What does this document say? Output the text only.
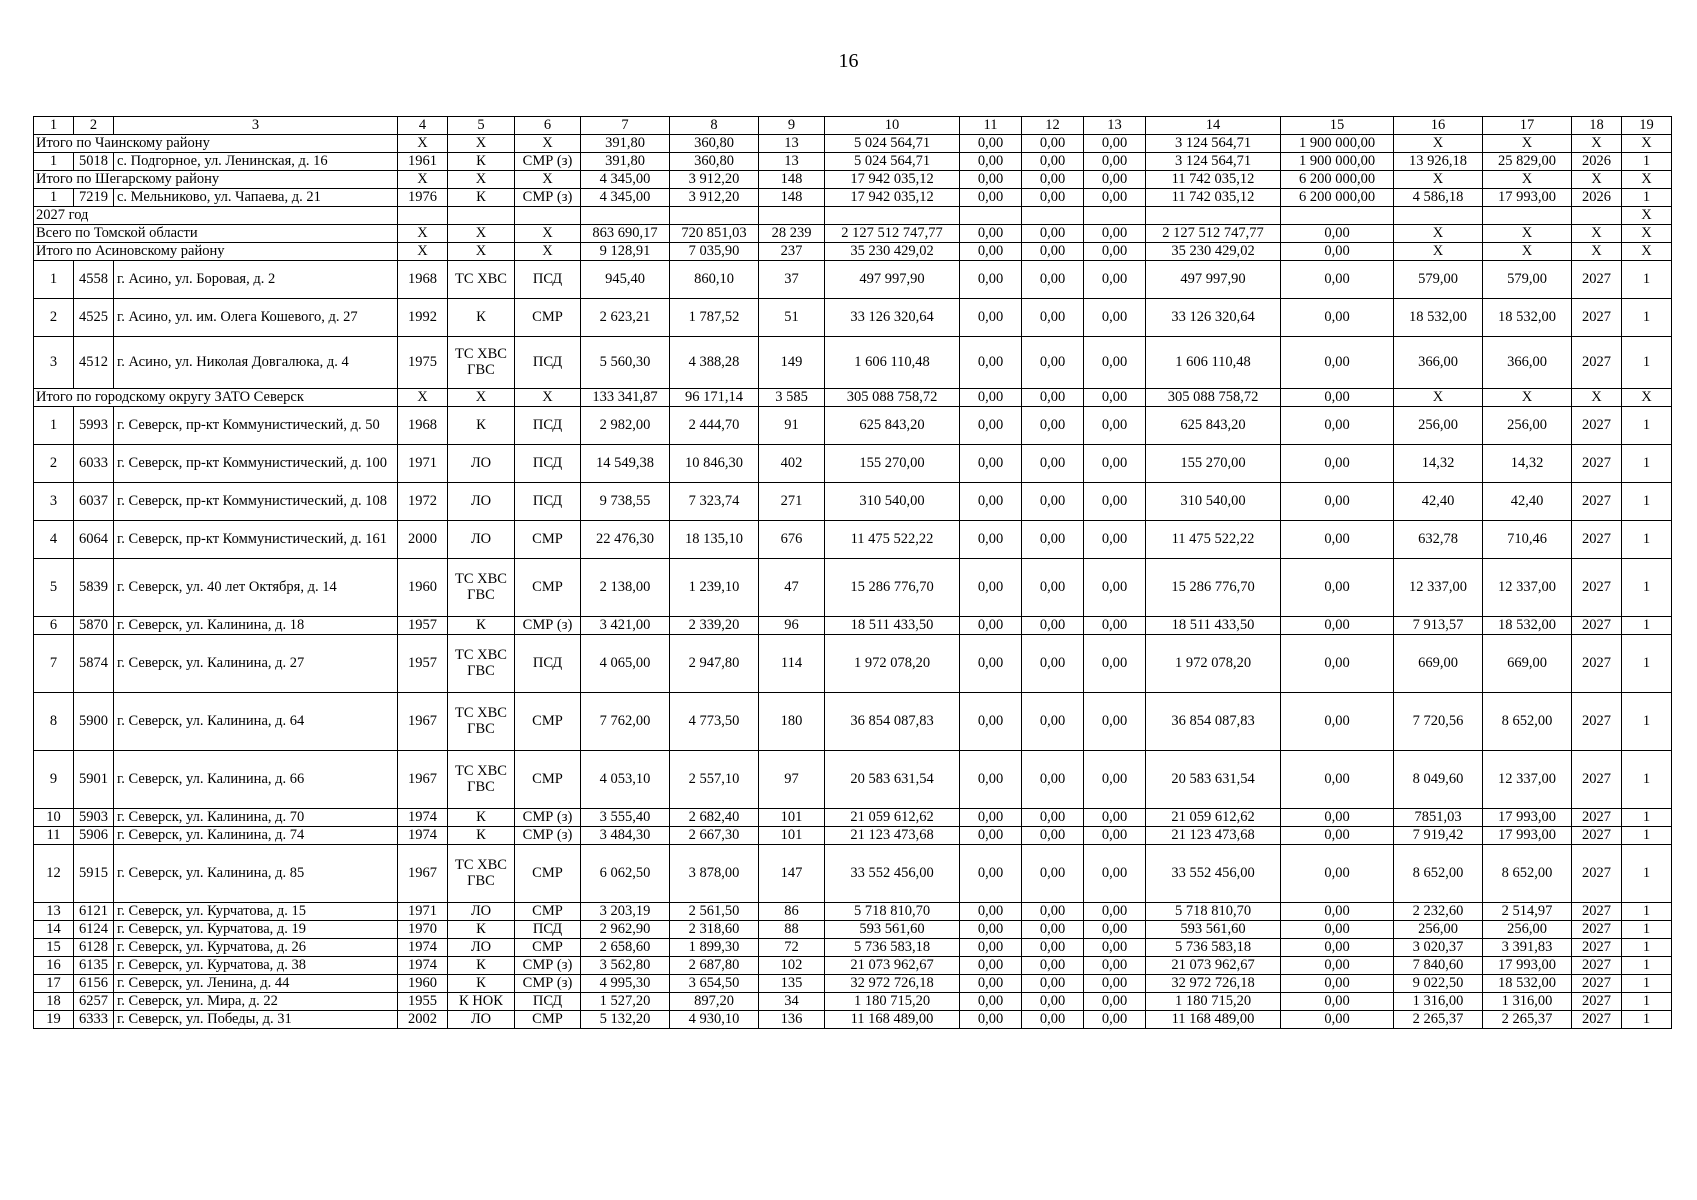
16
1	2	3	4	5	6	7	8	9	10	11	12	13	14	15	16	17	18	19
Итого по Чаинскому району			X	X	X	391,80	360,80	13	5 024 564,71	0,00	0,00	0,00	3 124 564,71	1 900 000,00	X	X	X	X
1	5018	с. Подгорное, ул. Ленинская, д. 16	1961	К	СМР (з)	391,80	360,80	13	5 024 564,71	0,00	0,00	0,00	3 124 564,71	1 900 000,00	13 926,18	25 829,00	2026	1
Итого по Шегарскому району			X	X	X	4 345,00	3 912,20	148	17 942 035,12	0,00	0,00	0,00	11 742 035,12	6 200 000,00	X	X	X	X
1	7219	с. Мельниково, ул. Чапаева, д. 21	1976	К	СМР (з)	4 345,00	3 912,20	148	17 942 035,12	0,00	0,00	0,00	11 742 035,12	6 200 000,00	4 586,18	17 993,00	2026	1
2027 год																		X
Всего по Томской области			X	X	X	863 690,17	720 851,03	28 239	2 127 512 747,77	0,00	0,00	0,00	2 127 512 747,77	0,00	X	X	X	X
Итого по Асиновскому району			X	X	X	9 128,91	7 035,90	237	35 230 429,02	0,00	0,00	0,00	35 230 429,02	0,00	X	X	X	X
1	4558	г. Асино, ул. Боровая, д. 2	1968	ТС ХВС	ПСД	945,40	860,10	37	497 997,90	0,00	0,00	0,00	497 997,90	0,00	579,00	579,00	2027	1
2	4525	г. Асино, ул. им. Олега Кошевого, д. 27	1992	К	СМР	2 623,21	1 787,52	51	33 126 320,64	0,00	0,00	0,00	33 126 320,64	0,00	18 532,00	18 532,00	2027	1
3	4512	г. Асино, ул. Николая Довгалюка, д. 4	1975	ТС ХВС ГВС	ПСД	5 560,30	4 388,28	149	1 606 110,48	0,00	0,00	0,00	1 606 110,48	0,00	366,00	366,00	2027	1
Итого по городскому округу ЗАТО Северск			X	X	X	133 341,87	96 171,14	3 585	305 088 758,72	0,00	0,00	0,00	305 088 758,72	0,00	X	X	X	X
1	5993	г. Северск, пр-кт Коммунистический, д. 50	1968	К	ПСД	2 982,00	2 444,70	91	625 843,20	0,00	0,00	0,00	625 843,20	0,00	256,00	256,00	2027	1
2	6033	г. Северск, пр-кт Коммунистический, д. 100	1971	ЛО	ПСД	14 549,38	10 846,30	402	155 270,00	0,00	0,00	0,00	155 270,00	0,00	14,32	14,32	2027	1
3	6037	г. Северск, пр-кт Коммунистический, д. 108	1972	ЛО	ПСД	9 738,55	7 323,74	271	310 540,00	0,00	0,00	0,00	310 540,00	0,00	42,40	42,40	2027	1
4	6064	г. Северск, пр-кт Коммунистический, д. 161	2000	ЛО	СМР	22 476,30	18 135,10	676	11 475 522,22	0,00	0,00	0,00	11 475 522,22	0,00	632,78	710,46	2027	1
5	5839	г. Северск, ул. 40 лет Октября, д. 14	1960	ТС ХВС ГВС	СМР	2 138,00	1 239,10	47	15 286 776,70	0,00	0,00	0,00	15 286 776,70	0,00	12 337,00	12 337,00	2027	1
6	5870	г. Северск, ул. Калинина, д. 18	1957	К	СМР (з)	3 421,00	2 339,20	96	18 511 433,50	0,00	0,00	0,00	18 511 433,50	0,00	7 913,57	18 532,00	2027	1
7	5874	г. Северск, ул. Калинина, д. 27	1957	ТС ХВС ГВС	ПСД	4 065,00	2 947,80	114	1 972 078,20	0,00	0,00	0,00	1 972 078,20	0,00	669,00	669,00	2027	1
8	5900	г. Северск, ул. Калинина, д. 64	1967	ТС ХВС ГВС	СМР	7 762,00	4 773,50	180	36 854 087,83	0,00	0,00	0,00	36 854 087,83	0,00	7 720,56	8 652,00	2027	1
9	5901	г. Северск, ул. Калинина, д. 66	1967	ТС ХВС ГВС	СМР	4 053,10	2 557,10	97	20 583 631,54	0,00	0,00	0,00	20 583 631,54	0,00	8 049,60	12 337,00	2027	1
10	5903	г. Северск, ул. Калинина, д. 70	1974	К	СМР (з)	3 555,40	2 682,40	101	21 059 612,62	0,00	0,00	0,00	21 059 612,62	0,00	7851,03	17 993,00	2027	1
11	5906	г. Северск, ул. Калинина, д. 74	1974	К	СМР (з)	3 484,30	2 667,30	101	21 123 473,68	0,00	0,00	0,00	21 123 473,68	0,00	7 919,42	17 993,00	2027	1
12	5915	г. Северск, ул. Калинина, д. 85	1967	ТС ХВС ГВС	СМР	6 062,50	3 878,00	147	33 552 456,00	0,00	0,00	0,00	33 552 456,00	0,00	8 652,00	8 652,00	2027	1
13	6121	г. Северск, ул. Курчатова, д. 15	1971	ЛО	СМР	3 203,19	2 561,50	86	5 718 810,70	0,00	0,00	0,00	5 718 810,70	0,00	2 232,60	2 514,97	2027	1
14	6124	г. Северск, ул. Курчатова, д. 19	1970	К	ПСД	2 962,90	2 318,60	88	593 561,60	0,00	0,00	0,00	593 561,60	0,00	256,00	256,00	2027	1
15	6128	г. Северск, ул. Курчатова, д. 26	1974	ЛО	СМР	2 658,60	1 899,30	72	5 736 583,18	0,00	0,00	0,00	5 736 583,18	0,00	3 020,37	3 391,83	2027	1
16	6135	г. Северск, ул. Курчатова, д. 38	1974	К	СМР (з)	3 562,80	2 687,80	102	21 073 962,67	0,00	0,00	0,00	21 073 962,67	0,00	7 840,60	17 993,00	2027	1
17	6156	г. Северск, ул. Ленина, д. 44	1960	К	СМР (з)	4 995,30	3 654,50	135	32 972 726,18	0,00	0,00	0,00	32 972 726,18	0,00	9 022,50	18 532,00	2027	1
18	6257	г. Северск, ул. Мира, д. 22	1955	К НОК	ПСД	1 527,20	897,20	34	1 180 715,20	0,00	0,00	0,00	1 180 715,20	0,00	1 316,00	1 316,00	2027	1
19	6333	г. Северск, ул. Победы, д. 31	2002	ЛО	СМР	5 132,20	4 930,10	136	11 168 489,00	0,00	0,00	0,00	11 168 489,00	0,00	2 265,37	2 265,37	2027	1
